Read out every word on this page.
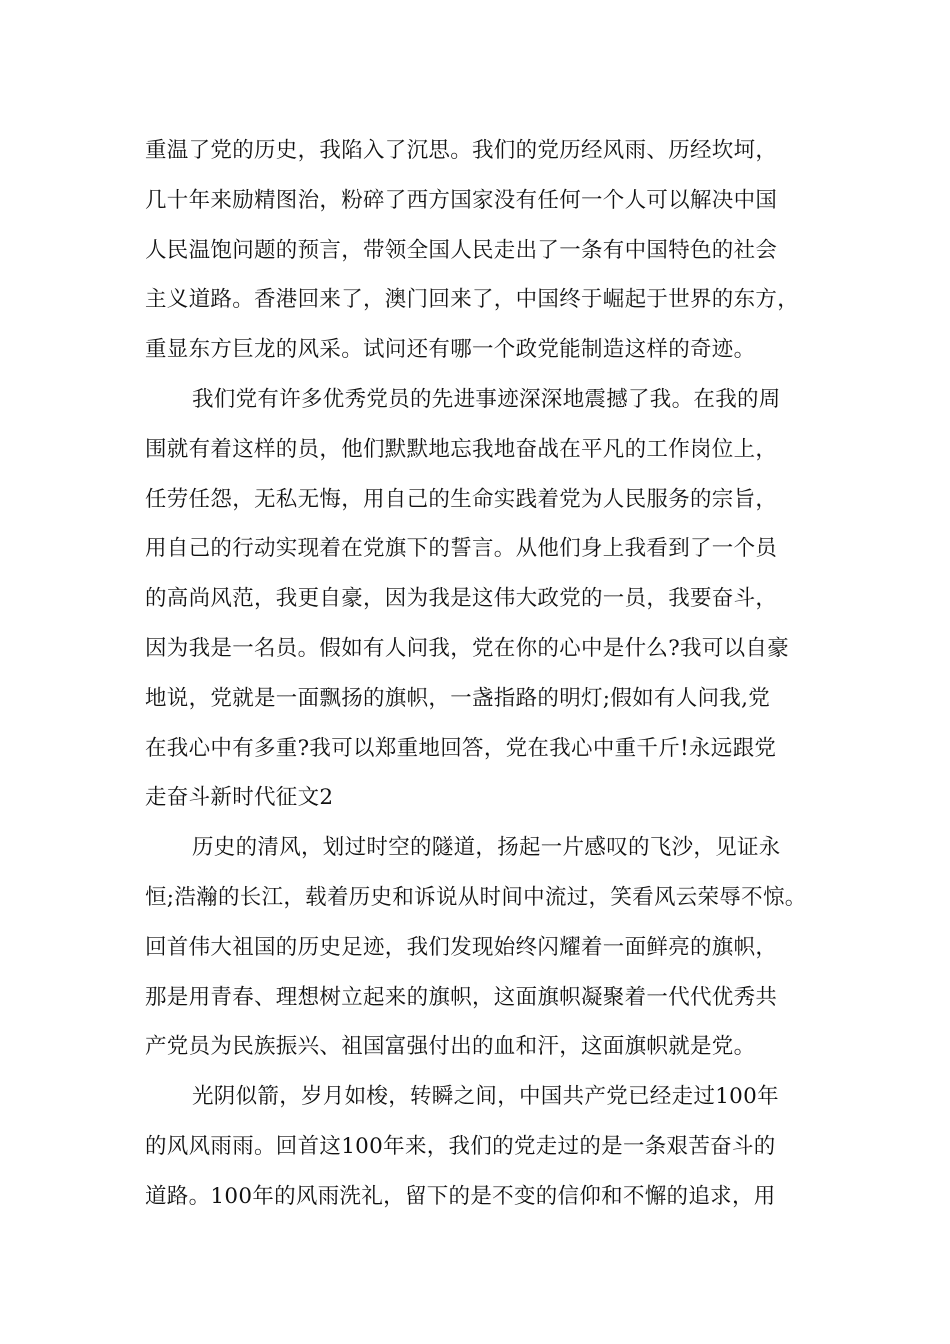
重温了党的历史，我陷入了沉思。我们的党历经风雨、历经坎坷，
几十年来励精图治，粉碎了西方国家没有任何一个人可以解决中国
人民温饱问题的预言，带领全国人民走出了一条有中国特色的社会
主义道路。香港回来了，澳门回来了，中国终于崛起于世界的东方，
重显东方巨龙的风采。试问还有哪一个政党能制造这样的奇迹。
我们党有许多优秀党员的先进事迹深深地震撼了我。在我的周
围就有着这样的员，他们默默地忘我地奋战在平凡的工作岗位上，
任劳任怨，无私无悔，用自己的生命实践着党为人民服务的宗旨，
用自己的行动实现着在党旗下的誓言。从他们身上我看到了一个员
的高尚风范，我更自豪，因为我是这伟大政党的一员，我要奋斗，
因为我是一名员。假如有人问我，党在你的心中是什么?我可以自豪
地说，党就是一面飘扬的旗帜，一盏指路的明灯;假如有人问我,党
在我心中有多重?我可以郑重地回答，党在我心中重千斤!永远跟党
走奋斗新时代征文2
历史的清风，划过时空的隧道，扬起一片感叹的飞沙，见证永
恒;浩瀚的长江，载着历史和诉说从时间中流过，笑看风云荣辱不惊。
回首伟大祖国的历史足迹，我们发现始终闪耀着一面鲜亮的旗帜，
那是用青春、理想树立起来的旗帜，这面旗帜凝聚着一代代优秀共
产党员为民族振兴、祖国富强付出的血和汗，这面旗帜就是党。
光阴似箭，岁月如梭，转瞬之间，中国共产党已经走过100年
的风风雨雨。回首这100年来，我们的党走过的是一条艰苦奋斗的
道路。100年的风雨洗礼，留下的是不变的信仰和不懈的追求，用
